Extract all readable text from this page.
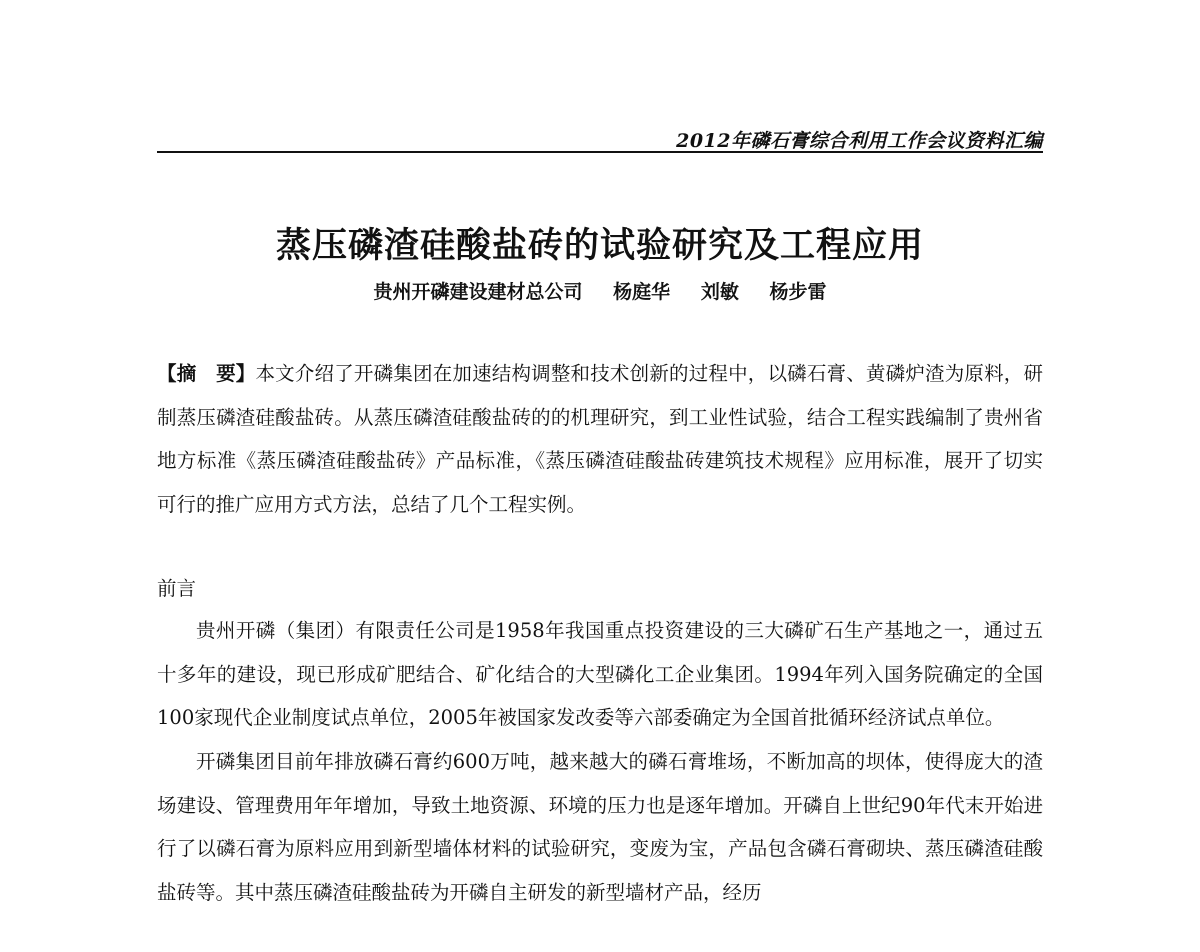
2012年磷石膏综合利用工作会议资料汇编
蒸压磷渣硅酸盐砖的试验研究及工程应用
贵州开磷建设建材总公司 杨庭华 刘敏 杨步雷
【摘　要】本文介绍了开磷集团在加速结构调整和技术创新的过程中，以磷石膏、黄磷炉渣为原料，研制蒸压磷渣硅酸盐砖。从蒸压磷渣硅酸盐砖的的机理研究，到工业性试验，结合工程实践编制了贵州省地方标准《蒸压磷渣硅酸盐砖》产品标准，《蒸压磷渣硅酸盐砖建筑技术规程》应用标准，展开了切实可行的推广应用方式方法，总结了几个工程实例。
前言

贵州开磷（集团）有限责任公司是1958年我国重点投资建设的三大磷矿石生产基地之一，通过五十多年的建设，现已形成矿肥结合、矿化结合的大型磷化工企业集团。1994年列入国务院确定的全国100家现代企业制度试点单位，2005年被国家发改委等六部委确定为全国首批循环经济试点单位。

开磷集团目前年排放磷石膏约600万吨，越来越大的磷石膏堆场，不断加高的坝体，使得庞大的渣场建设、管理费用年年增加，导致土地资源、环境的压力也是逐年增加。开磷自上世纪90年代末开始进行了以磷石膏为原料应用到新型墙体材料的试验研究，变废为宝，产品包含磷石膏砌块、蒸压磷渣硅酸盐砖等。其中蒸压磷渣硅酸盐砖为开磷自主研发的新型墙材产品，经历
